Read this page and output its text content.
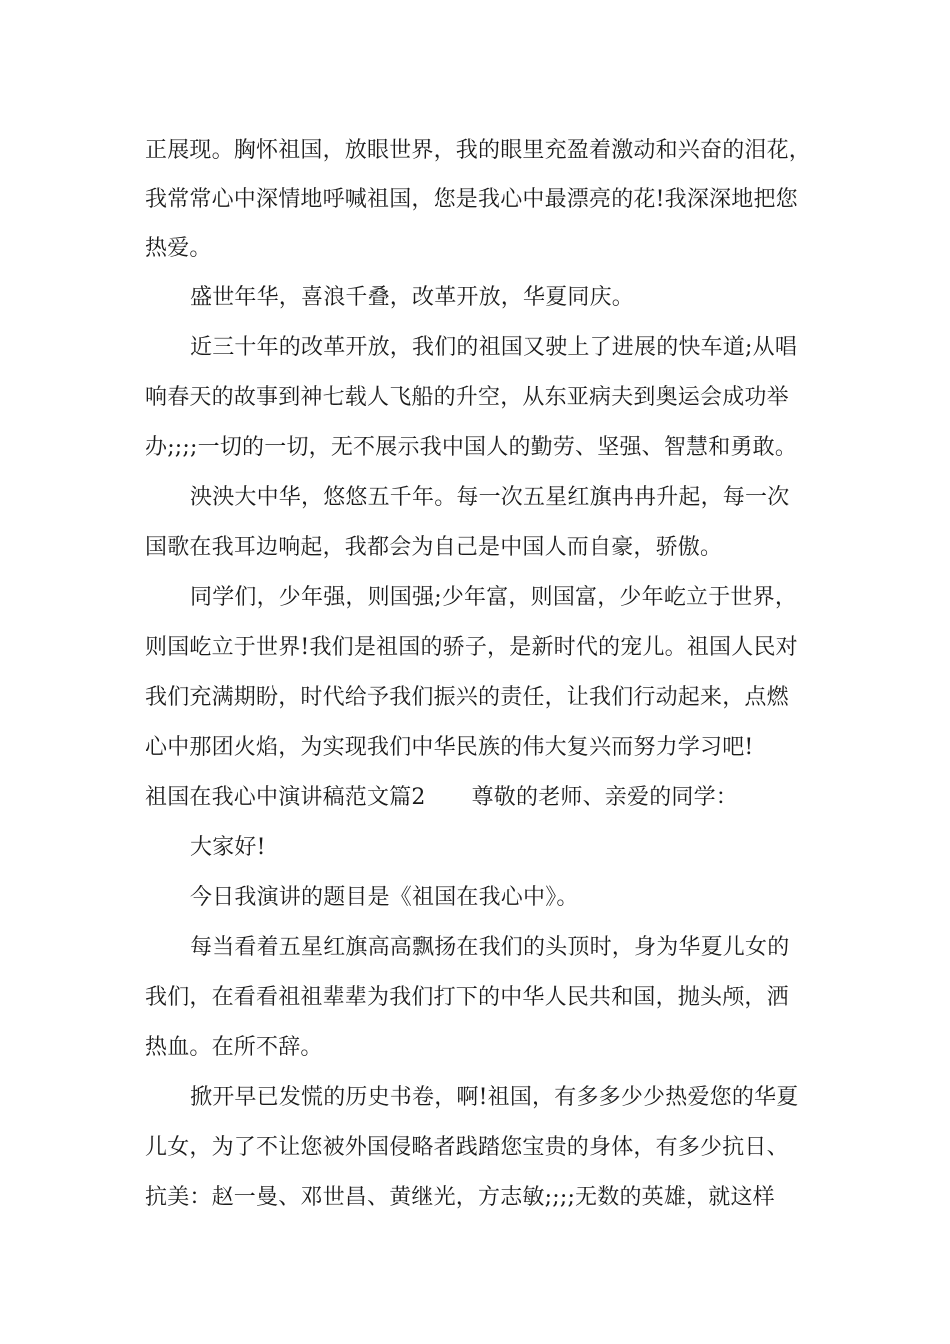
正展现。胸怀祖国，放眼世界，我的眼里充盈着激动和兴奋的泪花，
我常常心中深情地呼喊祖国，您是我心中最漂亮的花!我深深地把您
热爱。
盛世年华，喜浪千叠，改革开放，华夏同庆。
近三十年的改革开放，我们的祖国又驶上了进展的快车道;从唱
响春天的故事到神七载人飞船的升空，从东亚病夫到奥运会成功举
办;;;;一切的一切，无不展示我中国人的勤劳、坚强、智慧和勇敢。
泱泱大中华，悠悠五千年。每一次五星红旗冉冉升起，每一次
国歌在我耳边响起，我都会为自己是中国人而自豪，骄傲。
同学们，少年强，则国强;少年富，则国富，少年屹立于世界，
则国屹立于世界!我们是祖国的骄子，是新时代的宠儿。祖国人民对
我们充满期盼，时代给予我们振兴的责任，让我们行动起来，点燃
心中那团火焰，为实现我们中华民族的伟大复兴而努力学习吧!
祖国在我心中演讲稿范文篇2 尊敬的老师、亲爱的同学：
大家好!
今日我演讲的题目是《祖国在我心中》。
每当看着五星红旗高高飘扬在我们的头顶时，身为华夏儿女的
我们，在看看祖祖辈辈为我们打下的中华人民共和国，抛头颅，洒
热血。在所不辞。
掀开早已发慌的历史书卷，啊!祖国，有多多少少热爱您的华夏
儿女，为了不让您被外国侵略者践踏您宝贵的身体，有多少抗日、
抗美：赵一曼、邓世昌、黄继光，方志敏;;;;无数的英雄，就这样
